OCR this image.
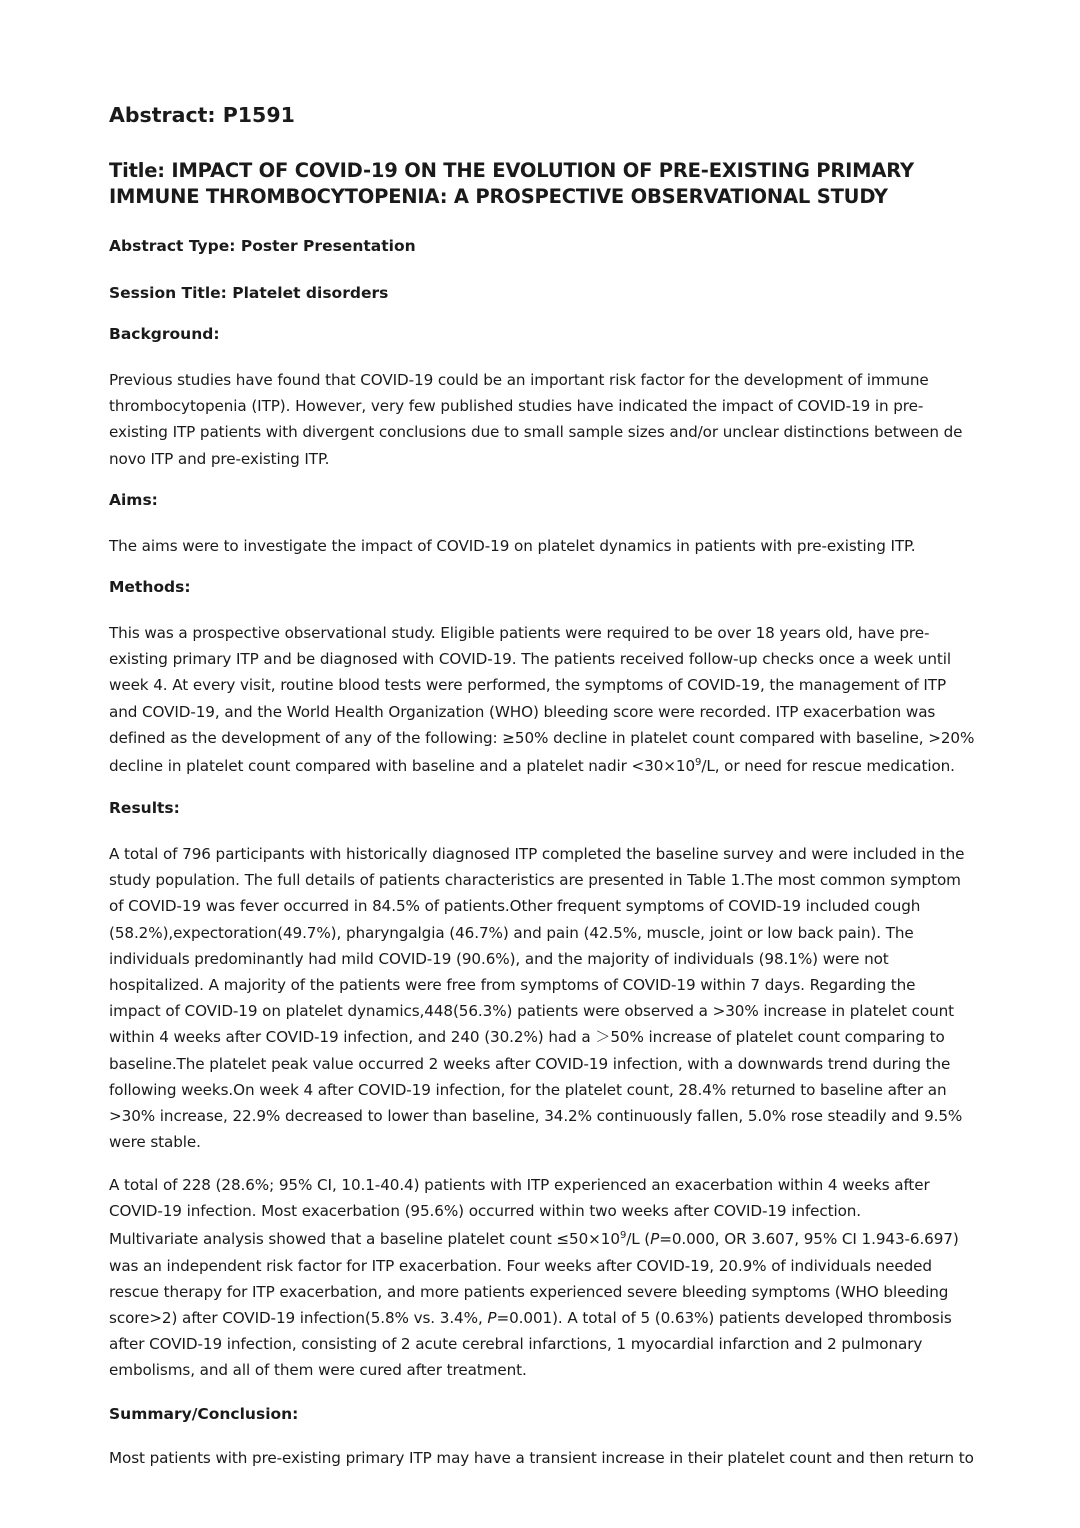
Abstract: P1591
Title: IMPACT OF COVID-19 ON THE EVOLUTION OF PRE-EXISTING PRIMARY
IMMUNE THROMBOCYTOPENIA: A PROSPECTIVE OBSERVATIONAL STUDY
Abstract Type: Poster Presentation
Session Title: Platelet disorders
Background:
Previous studies have found that COVID-19 could be an important risk factor for the development of immune
thrombocytopenia (ITP). However, very few published studies have indicated the impact of COVID-19 in pre-
existing ITP patients with divergent conclusions due to small sample sizes and/or unclear distinctions between de
novo ITP and pre-existing ITP.
Aims:
The aims were to investigate the impact of COVID-19 on platelet dynamics in patients with pre-existing ITP.
Methods:
This was a prospective observational study. Eligible patients were required to be over 18 years old, have pre-
existing primary ITP and be diagnosed with COVID-19. The patients received follow-up checks once a week until
week 4. At every visit, routine blood tests were performed, the symptoms of COVID-19, the management of ITP
and COVID-19, and the World Health Organization (WHO) bleeding score were recorded. ITP exacerbation was
defined as the development of any of the following: ≥50% decline in platelet count compared with baseline, >20%
decline in platelet count compared with baseline and a platelet nadir $<30\times 10^9/L$, or need for rescue medication.
Results:
A total of 796 participants with historically diagnosed ITP completed the baseline survey and were included in the
study population. The full details of patients characteristics are presented in Table 1.The most common symptom
of COVID-19 was fever occurred in 84.5% of patients.Other frequent symptoms of COVID-19 included cough
(58.2%),expectoration(49.7%), pharyngalgia (46.7%) and pain (42.5%, muscle, joint or low back pain). The
individuals predominantly had mild COVID-19 (90.6%), and the majority of individuals (98.1%) were not
hospitalized. A majority of the patients were free from symptoms of COVID-19 within 7 days. Regarding the
impact of COVID-19 on platelet dynamics,448(56.3%) patients were observed a >30% increase in platelet count
within 4 weeks after COVID-19 infection, and 240 (30.2%) had a ＞50% increase of platelet count comparing to
baseline.The platelet peak value occurred 2 weeks after COVID-19 infection, with a downwards trend during the
following weeks.On week 4 after COVID-19 infection, for the platelet count, 28.4% returned to baseline after an
>30% increase, 22.9% decreased to lower than baseline, 34.2% continuously fallen, 5.0% rose steadily and 9.5%
were stable.
A total of 228 (28.6%; 95% CI, 10.1-40.4) patients with ITP experienced an exacerbation within 4 weeks after
COVID-19 infection. Most exacerbation (95.6%) occurred within two weeks after COVID-19 infection.
Multivariate analysis showed that a baseline platelet count $\le 50\times 10^9/L$ (P=0.000, OR 3.607, 95% CI 1.943-6.697)
was an independent risk factor for ITP exacerbation. Four weeks after COVID-19, 20.9% of individuals needed
rescue therapy for ITP exacerbation, and more patients experienced severe bleeding symptoms (WHO bleeding
score>2) after COVID-19 infection(5.8% vs. 3.4%, P=0.001). A total of 5 (0.63%) patients developed thrombosis
after COVID-19 infection, consisting of 2 acute cerebral infarctions, 1 myocardial infarction and 2 pulmonary
embolisms, and all of them were cured after treatment.
Summary/Conclusion:
Most patients with pre-existing primary ITP may have a transient increase in their platelet count and then return to
